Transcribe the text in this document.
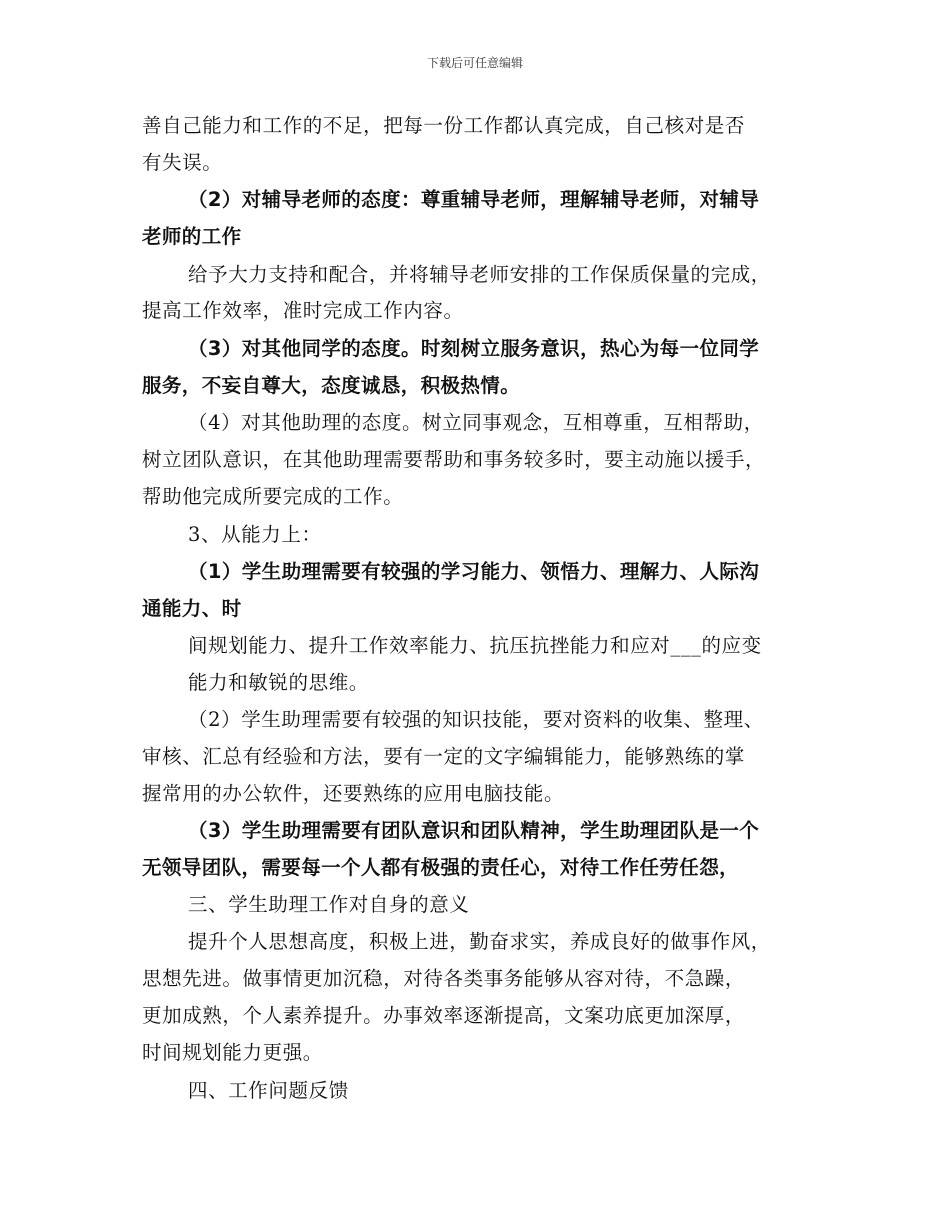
下载后可任意编辑
善自己能力和工作的不足，把每一份工作都认真完成，自己核对是否
有失误。
（2）对辅导老师的态度：尊重辅导老师，理解辅导老师，对辅导
老师的工作
给予大力支持和配合，并将辅导老师安排的工作保质保量的完成，
提高工作效率，准时完成工作内容。
（3）对其他同学的态度。时刻树立服务意识，热心为每一位同学
服务，不妄自尊大，态度诚恳，积极热情。
（4）对其他助理的态度。树立同事观念，互相尊重，互相帮助，
树立团队意识，在其他助理需要帮助和事务较多时，要主动施以援手，
帮助他完成所要完成的工作。
3、从能力上：
（1）学生助理需要有较强的学习能力、领悟力、理解力、人际沟
通能力、时
间规划能力、提升工作效率能力、抗压抗挫能力和应对___的应变
能力和敏锐的思维。
（2）学生助理需要有较强的知识技能，要对资料的收集、整理、
审核、汇总有经验和方法，要有一定的文字编辑能力，能够熟练的掌
握常用的办公软件，还要熟练的应用电脑技能。
（3）学生助理需要有团队意识和团队精神，学生助理团队是一个
无领导团队，需要每一个人都有极强的责任心，对待工作任劳任怨，
三、学生助理工作对自身的意义
提升个人思想高度，积极上进，勤奋求实，养成良好的做事作风，
思想先进。做事情更加沉稳，对待各类事务能够从容对待，不急躁，
更加成熟，个人素养提升。办事效率逐渐提高，文案功底更加深厚，
时间规划能力更强。
四、工作问题反馈
